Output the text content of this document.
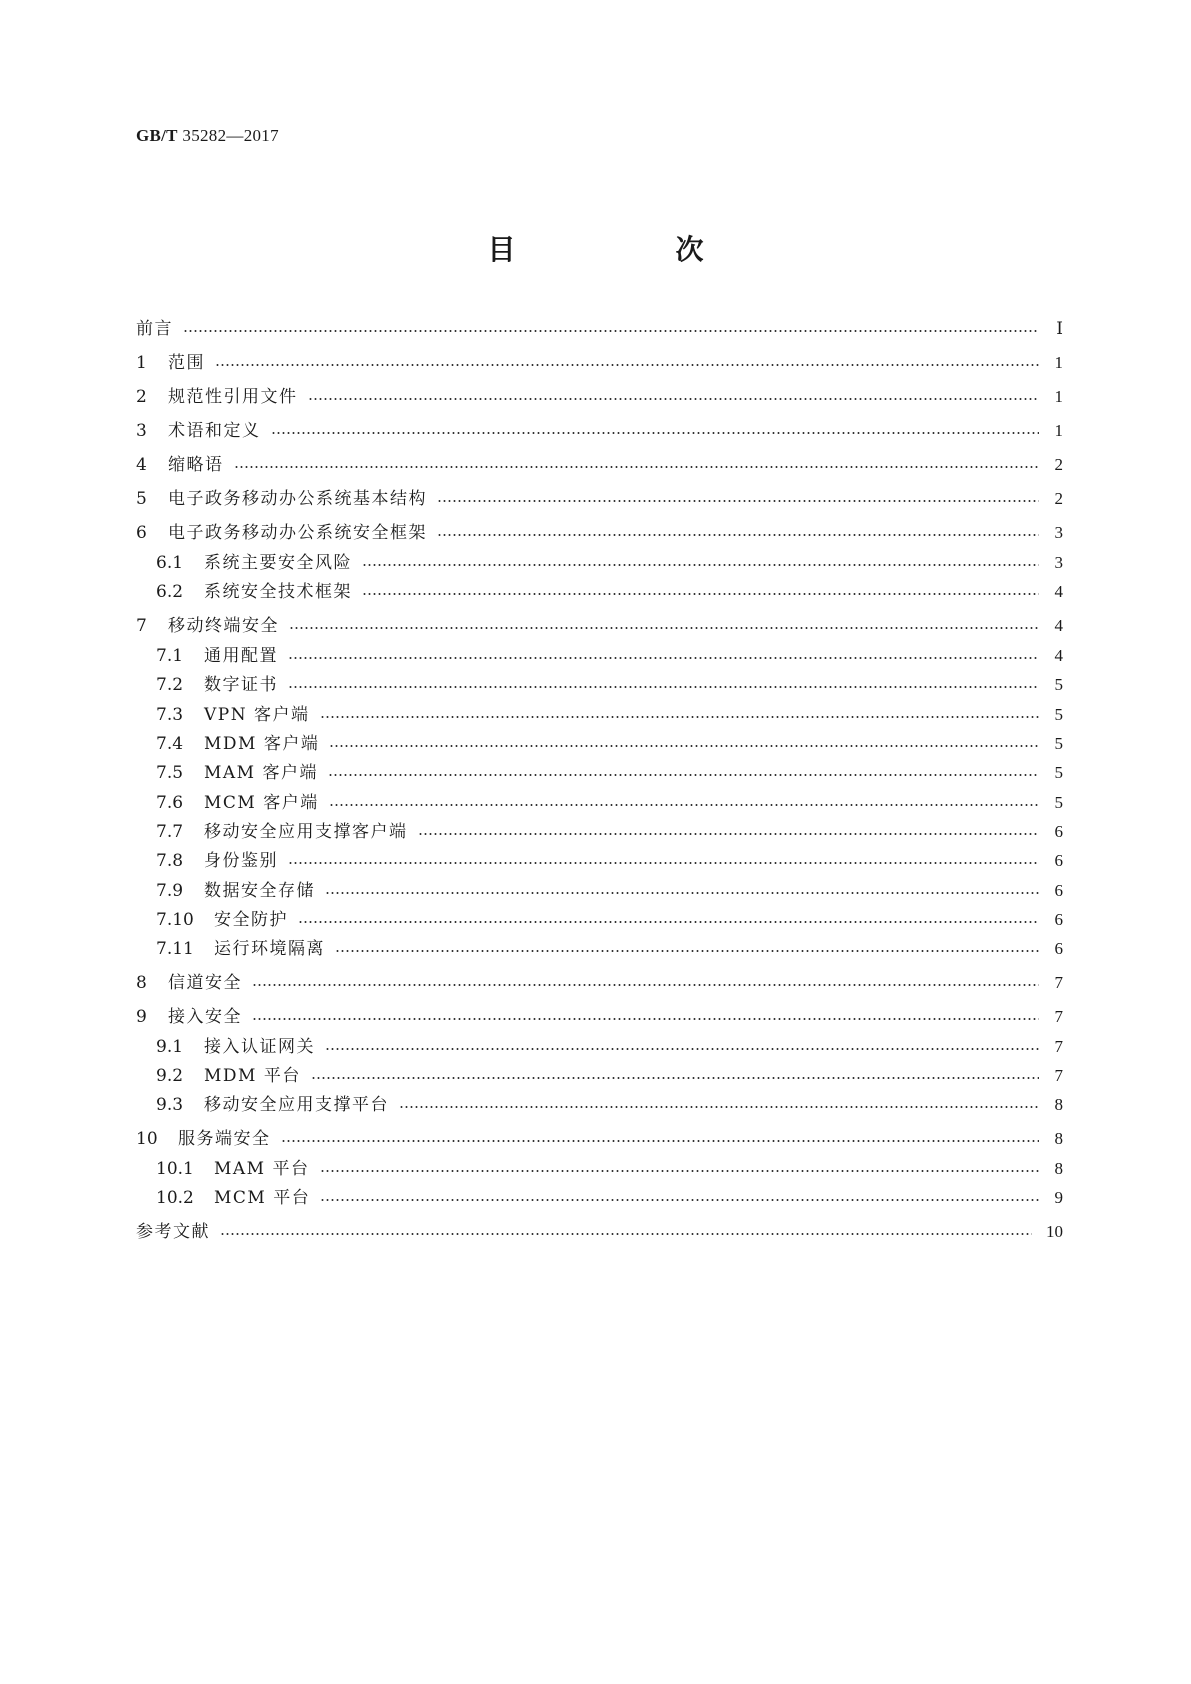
GB/T 35282—2017
目　次
前言	Ⅰ
1	范围	1
2	规范性引用文件	1
3	术语和定义	1
4	缩略语	2
5	电子政务移动办公系统基本结构	2
6	电子政务移动办公系统安全框架	3
6.1	系统主要安全风险	3
6.2	系统安全技术框架	4
7	移动终端安全	4
7.1	通用配置	4
7.2	数字证书	5
7.3	VPN 客户端	5
7.4	MDM 客户端	5
7.5	MAM 客户端	5
7.6	MCM 客户端	5
7.7	移动安全应用支撑客户端	6
7.8	身份鉴别	6
7.9	数据安全存储	6
7.10	安全防护	6
7.11	运行环境隔离	6
8	信道安全	7
9	接入安全	7
9.1	接入认证网关	7
9.2	MDM 平台	7
9.3	移动安全应用支撑平台	8
10	服务端安全	8
10.1	MAM 平台	8
10.2	MCM 平台	9
参考文献	10
